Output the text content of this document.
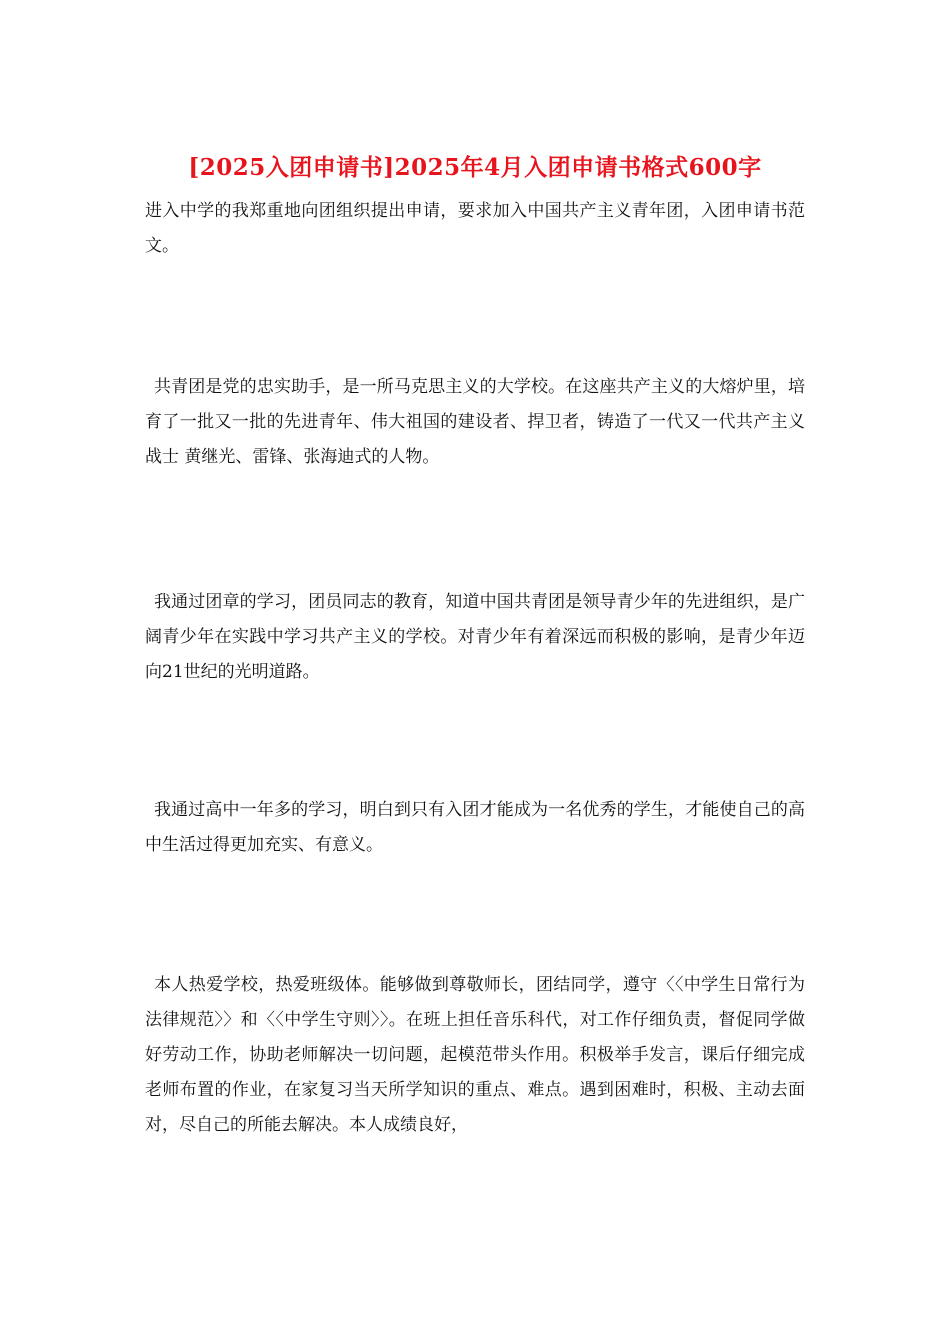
[2025入团申请书]2025年4月入团申请书格式600字

进入中学的我郑重地向团组织提出申请，要求加入中国共产主义青年团，入团申请书范文。

共青团是党的忠实助手，是一所马克思主义的大学校。在这座共产主义的大熔炉里，培育了一批又一批的先进青年、伟大祖国的建设者、捍卫者，铸造了一代又一代共产主义战士 黄继光、雷锋、张海迪式的人物。

我通过团章的学习，团员同志的教育，知道中国共青团是领导青少年的先进组织，是广阔青少年在实践中学习共产主义的学校。对青少年有着深远而积极的影响，是青少年迈向21世纪的光明道路。

我通过高中一年多的学习，明白到只有入团才能成为一名优秀的学生，才能使自己的高中生活过得更加充实、有意义。

本人热爱学校，热爱班级体。能够做到尊敬师长，团结同学，遵守〈〈中学生日常行为法律规范〉〉和〈〈中学生守则〉〉。在班上担任音乐科代，对工作仔细负责，督促同学做好劳动工作，协助老师解决一切问题，起模范带头作用。积极举手发言，课后仔细完成老师布置的作业，在家复习当天所学知识的重点、难点。遇到困难时，积极、主动去面对，尽自己的所能去解决。本人成绩良好，
